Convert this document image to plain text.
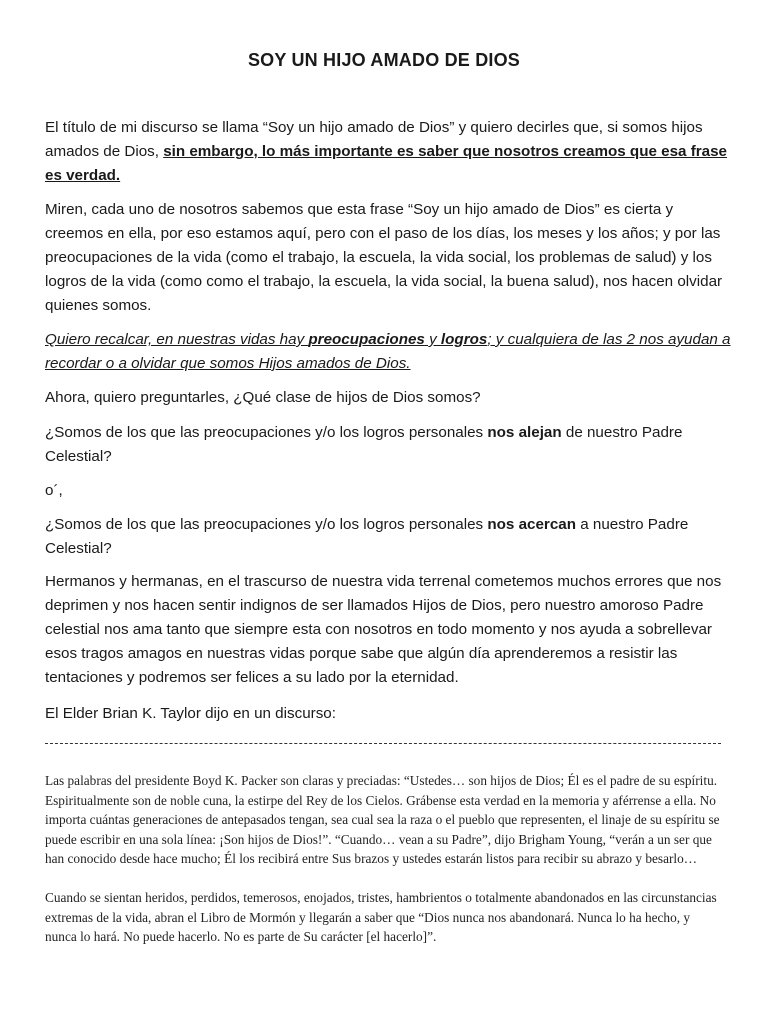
SOY UN HIJO AMADO DE DIOS

El título de mi discurso se llama “Soy un hijo amado de Dios” y quiero decirles que, si somos hijos amados de Dios, sin embargo, lo más importante es saber que nosotros creamos que esa frase es verdad.

Miren, cada uno de nosotros sabemos que esta frase “Soy un hijo amado de Dios” es cierta y creemos en ella, por eso estamos aquí, pero con el paso de los días, los meses y los años; y por las preocupaciones de la vida (como el trabajo, la escuela, la vida social, los problemas de salud) y los logros de la vida (como como el trabajo, la escuela, la vida social, la buena salud), nos hacen olvidar quienes somos.

Quiero recalcar, en nuestras vidas hay preocupaciones y logros; y cualquiera de las 2 nos ayudan a recordar o a olvidar que somos Hijos amados de Dios.

Ahora, quiero preguntarles, ¿Qué clase de hijos de Dios somos?

¿Somos de los que las preocupaciones y/o los logros personales nos alejan de nuestro Padre Celestial?

o´,

¿Somos de los que las preocupaciones y/o los logros personales nos acercan a nuestro Padre Celestial?

Hermanos y hermanas, en el trascurso de nuestra vida terrenal cometemos muchos errores que nos deprimen y nos hacen sentir indignos de ser llamados Hijos de Dios, pero nuestro amoroso Padre celestial nos ama tanto que siempre esta con nosotros en todo momento y nos ayuda a sobrellevar esos tragos amagos en nuestras vidas porque sabe que algún día aprenderemos a resistir las tentaciones y podremos ser felices a su lado por la eternidad.

El Elder Brian K. Taylor dijo en un discurso:

Las palabras del presidente Boyd K. Packer son claras y preciadas: “Ustedes… son hijos de Dios; Él es el padre de su espíritu. Espiritualmente son de noble cuna, la estirpe del Rey de los Cielos. Grábense esta verdad en la memoria y aférrense a ella. No importa cuántas generaciones de antepasados tengan, sea cual sea la raza o el pueblo que representen, el linaje de su espíritu se puede escribir en una sola línea: ¡Son hijos de Dios!”. “Cuando… vean a su Padre”, dijo Brigham Young, “verán a un ser que han conocido desde hace mucho; Él los recibirá entre Sus brazos y ustedes estarán listos para recibir su abrazo y besarlo…

Cuando se sientan heridos, perdidos, temerosos, enojados, tristes, hambrientos o totalmente abandonados en las circunstancias extremas de la vida, abran el Libro de Mormón y llegarán a saber que “Dios nunca nos abandonará. Nunca lo ha hecho, y nunca lo hará. No puede hacerlo. No es parte de Su carácter [el hacerlo]”.
